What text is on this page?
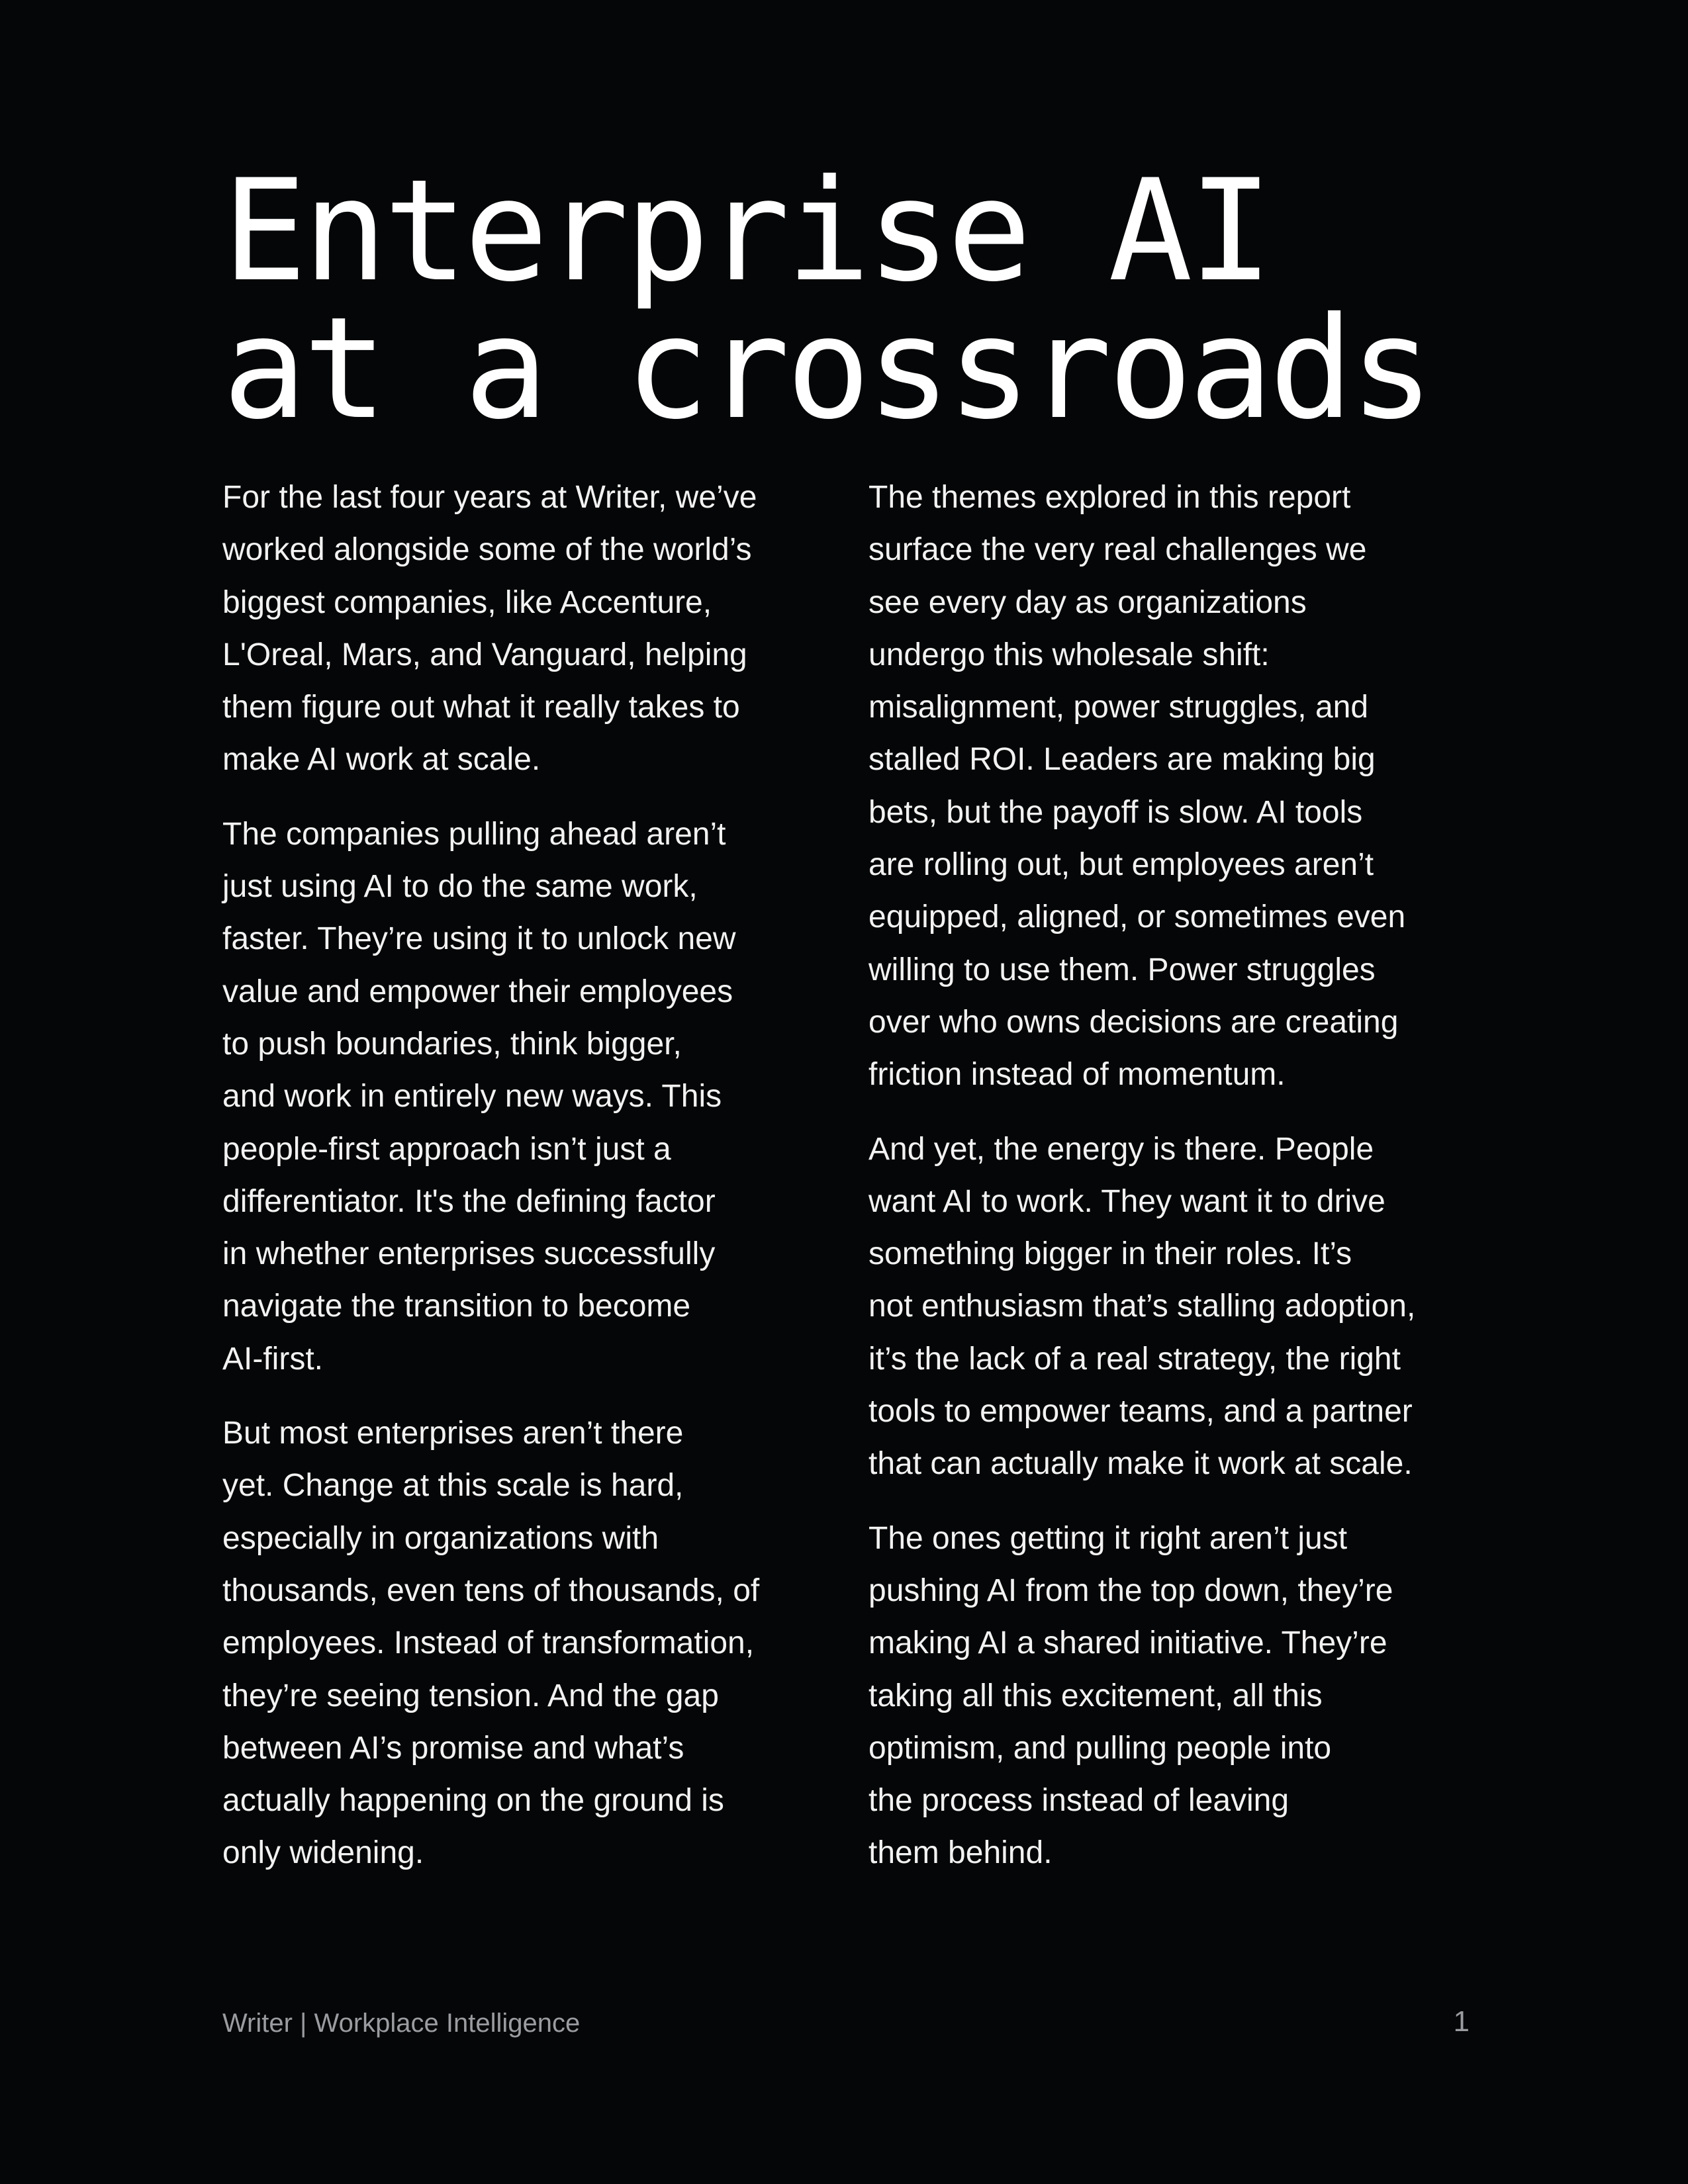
Enterprise AI
at a crossroads

For the last four years at Writer, we’ve
worked alongside some of the world’s
biggest companies, like Accenture,
L'Oreal, Mars, and Vanguard, helping
them figure out what it really takes to
make AI work at scale.

The companies pulling ahead aren’t
just using AI to do the same work,
faster. They’re using it to unlock new
value and empower their employees
to push boundaries, think bigger,
and work in entirely new ways. This
people-first approach isn’t just a
differentiator. It's the defining factor
in whether enterprises successfully
navigate the transition to become
AI-first.

But most enterprises aren’t there
yet. Change at this scale is hard,
especially in organizations with
thousands, even tens of thousands, of
employees. Instead of transformation,
they’re seeing tension. And the gap
between AI’s promise and what’s
actually happening on the ground is
only widening.

The themes explored in this report
surface the very real challenges we
see every day as organizations
undergo this wholesale shift:
misalignment, power struggles, and
stalled ROI. Leaders are making big
bets, but the payoff is slow. AI tools
are rolling out, but employees aren’t
equipped, aligned, or sometimes even
willing to use them. Power struggles
over who owns decisions are creating
friction instead of momentum.

And yet, the energy is there. People
want AI to work. They want it to drive
something bigger in their roles. It’s
not enthusiasm that’s stalling adoption,
it’s the lack of a real strategy, the right
tools to empower teams, and a partner
that can actually make it work at scale.

The ones getting it right aren’t just
pushing AI from the top down, they’re
making AI a shared initiative. They’re
taking all this excitement, all this
optimism, and pulling people into
the process instead of leaving
them behind.

Writer | Workplace Intelligence	1
